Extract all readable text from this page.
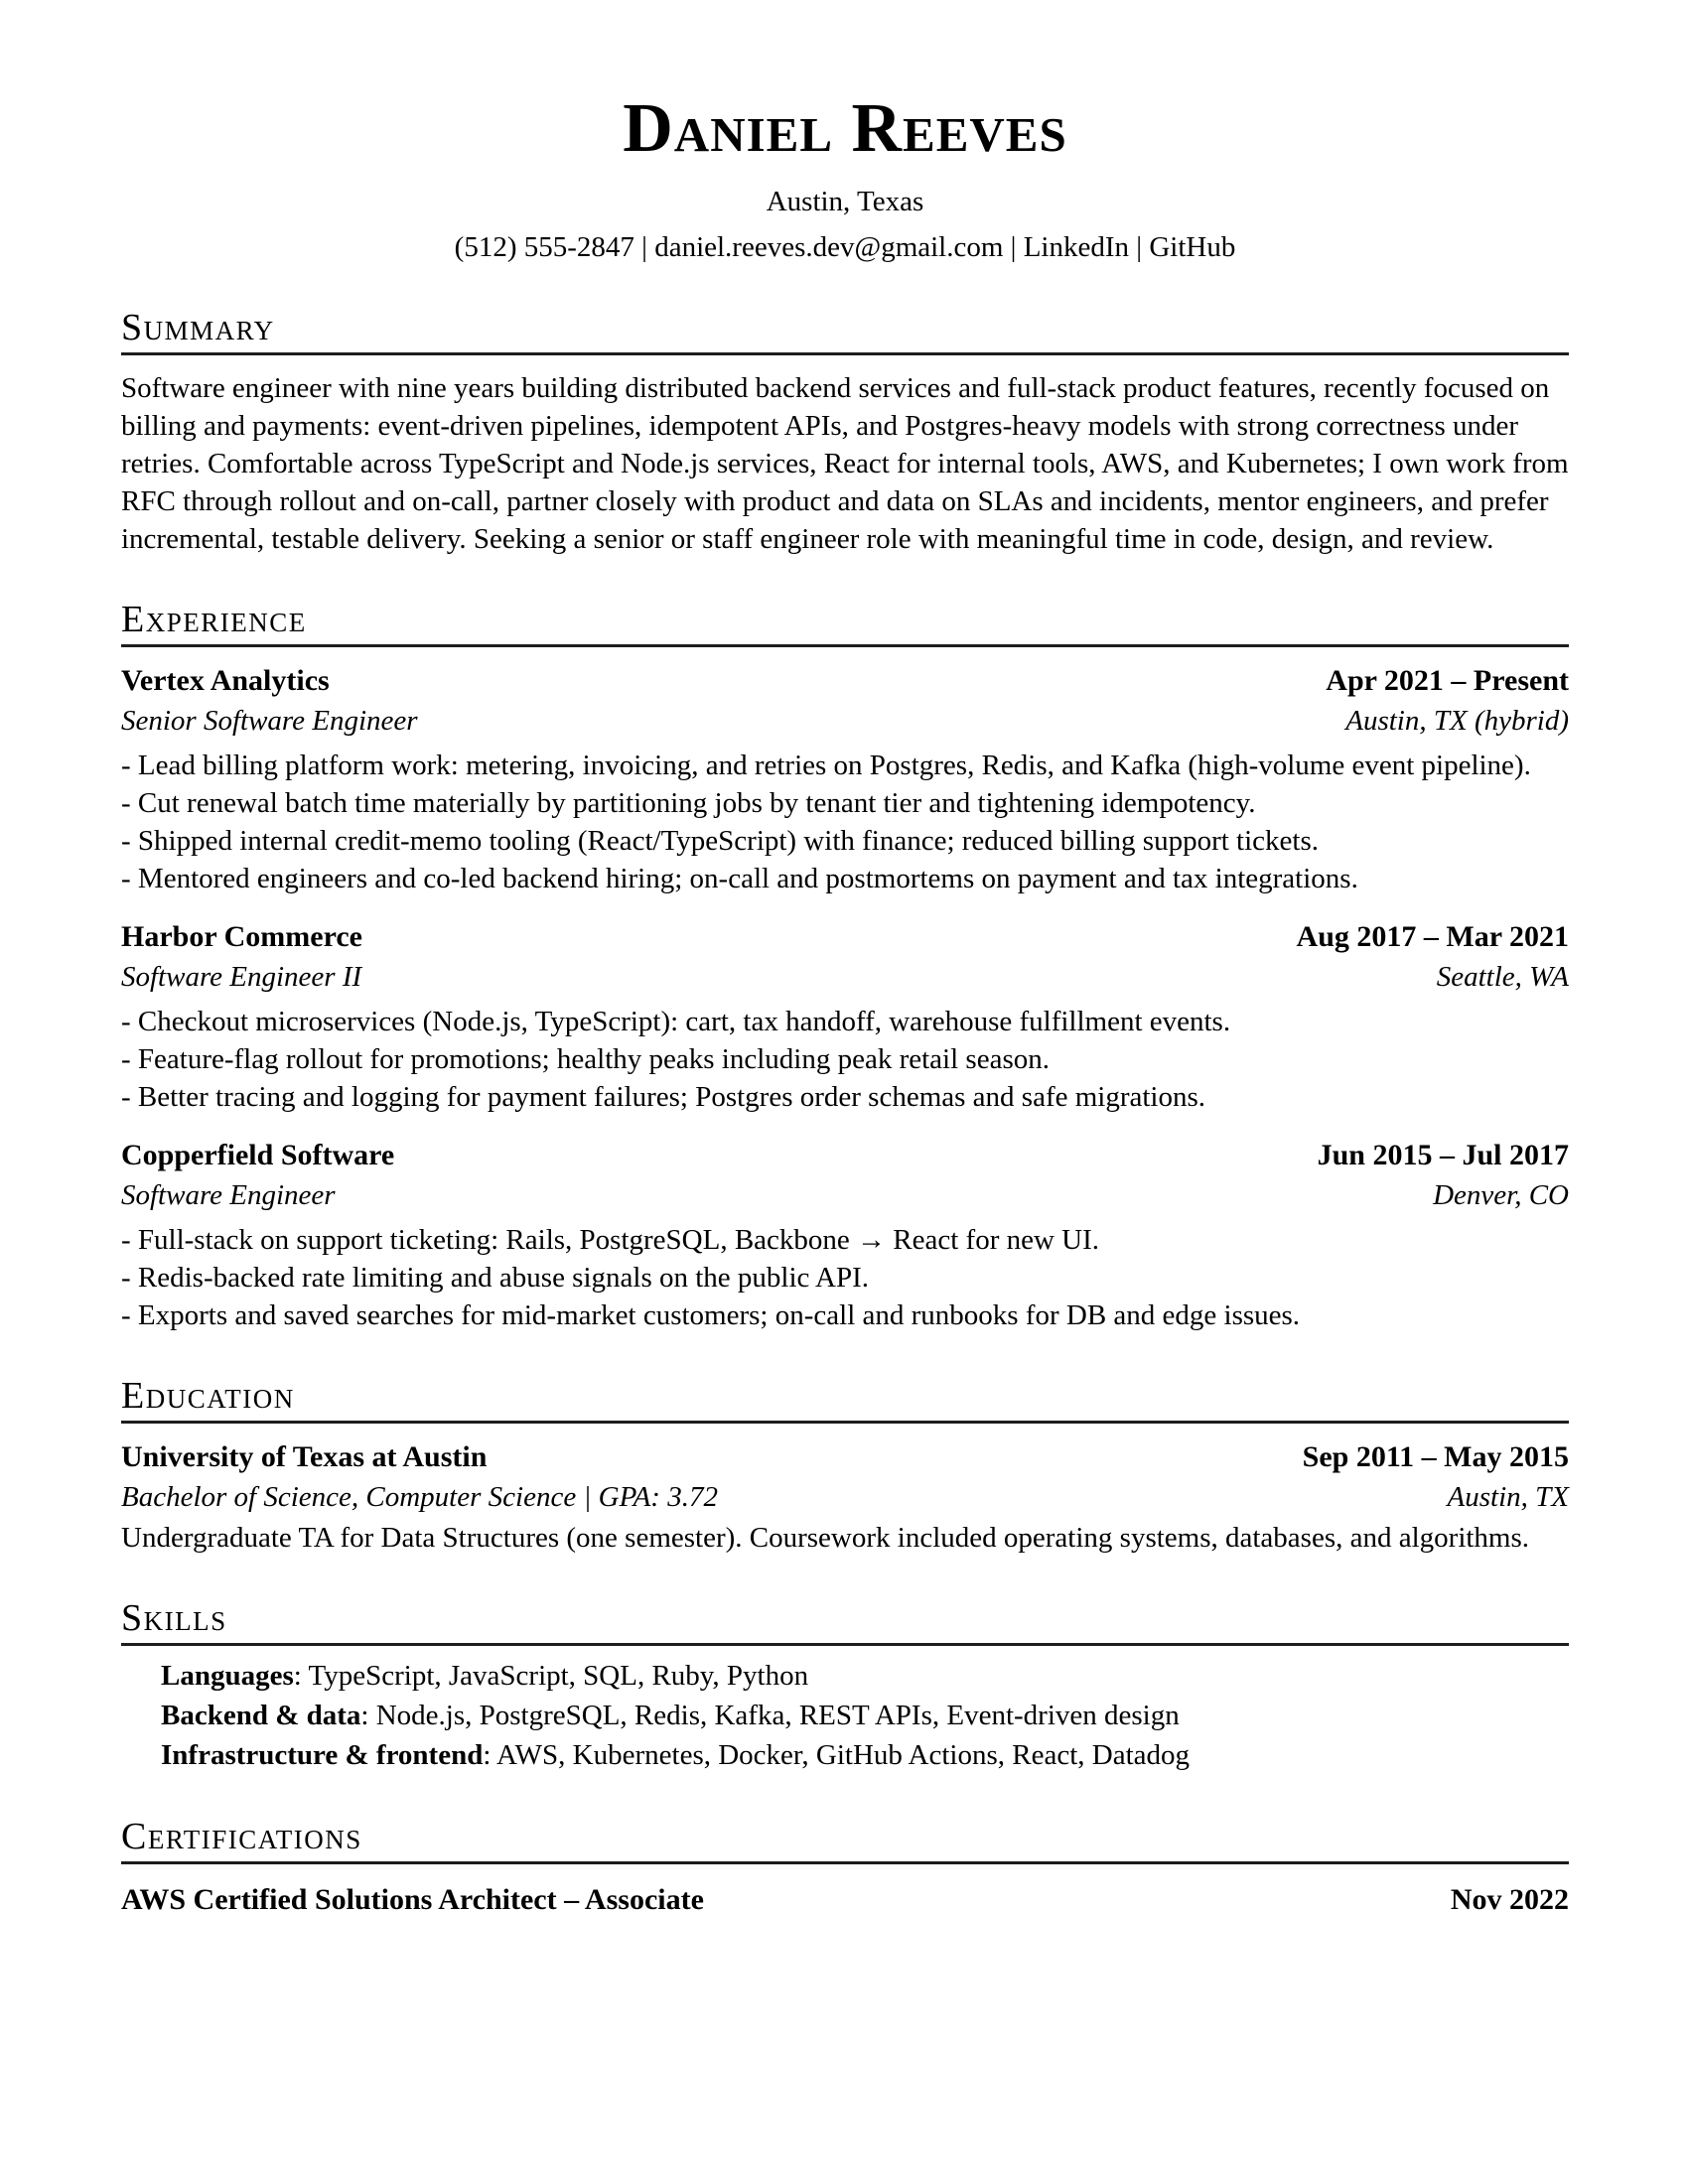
Daniel Reeves
Austin, Texas
(512) 555-2847 | daniel.reeves.dev@gmail.com | LinkedIn | GitHub
Summary

Software engineer with nine years building distributed backend services and full-stack product features, recently focused on billing and payments: event-driven pipelines, idempotent APIs, and Postgres-heavy models with strong correctness under retries. Comfortable across TypeScript and Node.js services, React for internal tools, AWS, and Kubernetes; I own work from RFC through rollout and on-call, partner closely with product and data on SLAs and incidents, mentor engineers, and prefer incremental, testable delivery. Seeking a senior or staff engineer role with meaningful time in code, design, and review.

Experience
Vertex Analytics	Apr 2021 – Present
Senior Software Engineer	Austin, TX (hybrid)

- Lead billing platform work: metering, invoicing, and retries on Postgres, Redis, and Kafka (high-volume event pipeline).

- Cut renewal batch time materially by partitioning jobs by tenant tier and tightening idempotency.

- Shipped internal credit-memo tooling (React/TypeScript) with finance; reduced billing support tickets.

- Mentored engineers and co-led backend hiring; on-call and postmortems on payment and tax integrations.

Harbor Commerce	Aug 2017 – Mar 2021
Software Engineer II	Seattle, WA

- Checkout microservices (Node.js, TypeScript): cart, tax handoff, warehouse fulfillment events.

- Feature-flag rollout for promotions; healthy peaks including peak retail season.

- Better tracing and logging for payment failures; Postgres order schemas and safe migrations.

Copperfield Software	Jun 2015 – Jul 2017
Software Engineer	Denver, CO

- Full-stack on support ticketing: Rails, PostgreSQL, Backbone → React for new UI.

- Redis-backed rate limiting and abuse signals on the public API.

- Exports and saved searches for mid-market customers; on-call and runbooks for DB and edge issues.

Education
University of Texas at Austin	Sep 2011 – May 2015
Bachelor of Science, Computer Science | GPA: 3.72	Austin, TX

Undergraduate TA for Data Structures (one semester). Coursework included operating systems, databases, and algorithms.

Skills
Languages: TypeScript, JavaScript, SQL, Ruby, Python
Backend & data: Node.js, PostgreSQL, Redis, Kafka, REST APIs, Event-driven design
Infrastructure & frontend: AWS, Kubernetes, Docker, GitHub Actions, React, Datadog
Certifications
AWS Certified Solutions Architect – Associate	Nov 2022
